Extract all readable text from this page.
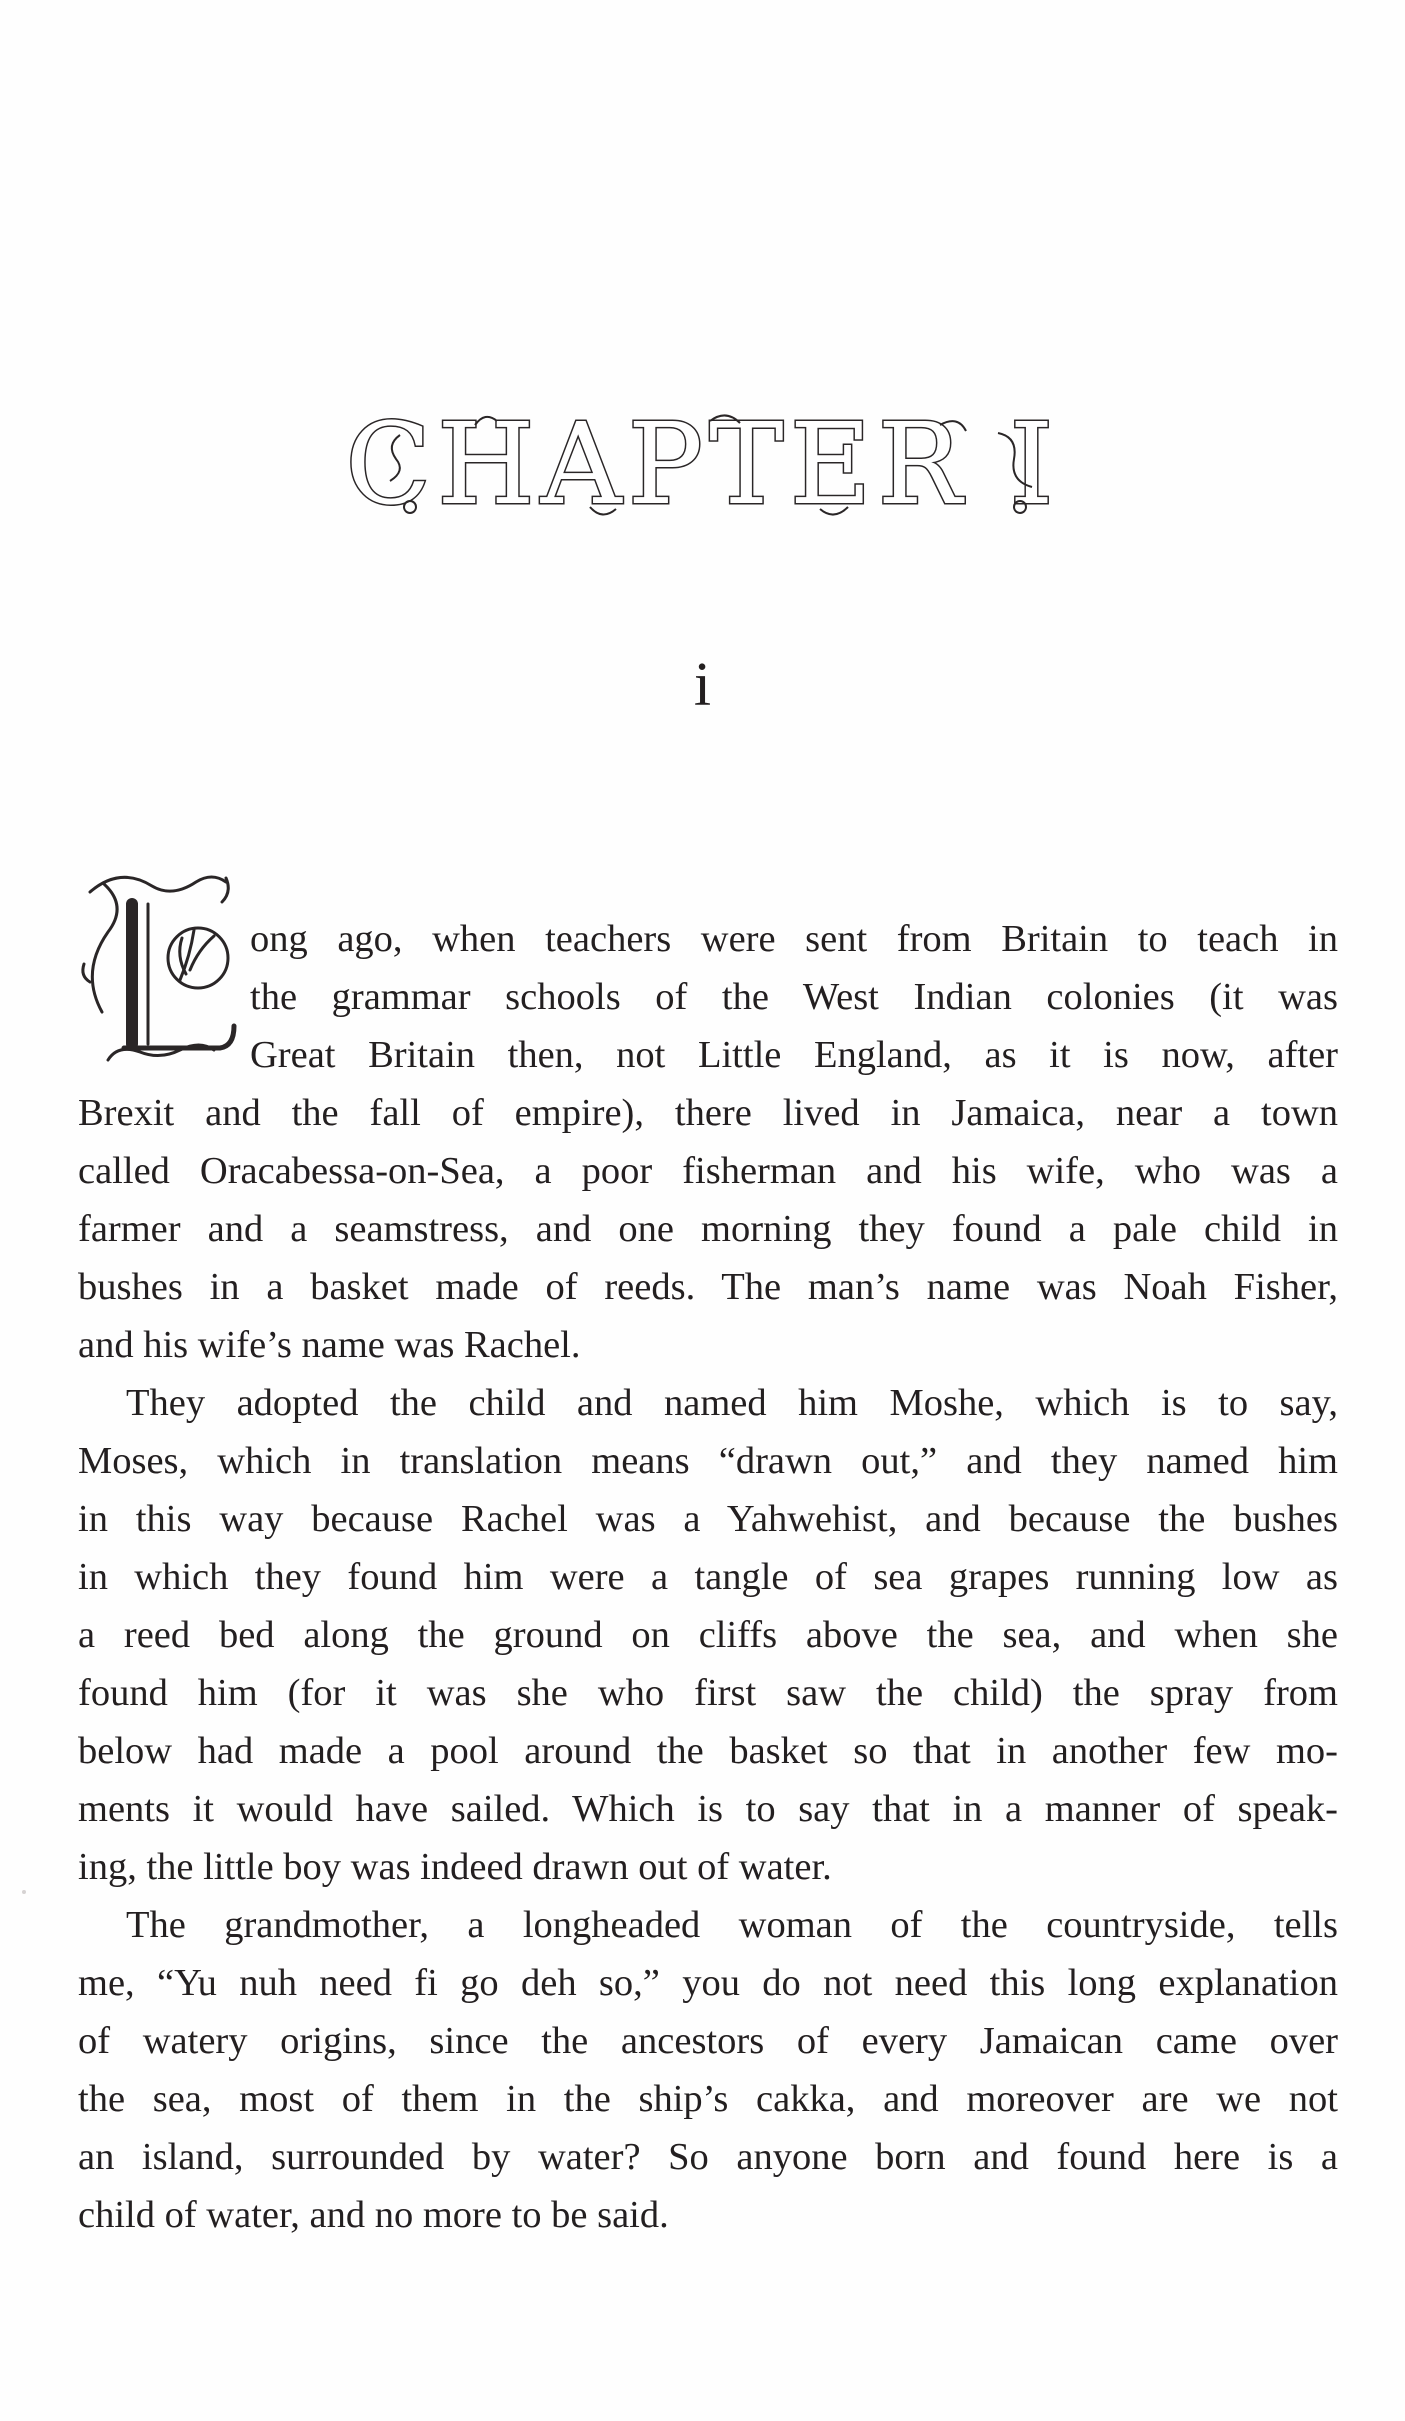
CHAPTER I
i
ong ago, when teachers were sent from Britain to teach in
the grammar schools of the West Indian colonies (it was
Great Britain then, not Little England, as it is now, after
Brexit and the fall of empire), there lived in Jamaica, near a town
called Oracabessa-on-Sea, a poor fisherman and his wife, who was a
farmer and a seamstress, and one morning they found a pale child in
bushes in a basket made of reeds. The man’s name was Noah Fisher,
and his wife’s name was Rachel.
They adopted the child and named him Moshe, which is to say,
Moses, which in translation means “drawn out,” and they named him
in this way because Rachel was a Yahwehist, and because the bushes
in which they found him were a tangle of sea grapes running low as
a reed bed along the ground on cliffs above the sea, and when she
found him (for it was she who first saw the child) the spray from
below had made a pool around the basket so that in another few mo-
ments it would have sailed. Which is to say that in a manner of speak-
ing, the little boy was indeed drawn out of water.
The grandmother, a longheaded woman of the countryside, tells
me, “Yu nuh need fi go deh so,” you do not need this long explanation
of watery origins, since the ancestors of every Jamaican came over
the sea, most of them in the ship’s cakka, and moreover are we not
an island, surrounded by water? So anyone born and found here is a
child of water, and no more to be said.
